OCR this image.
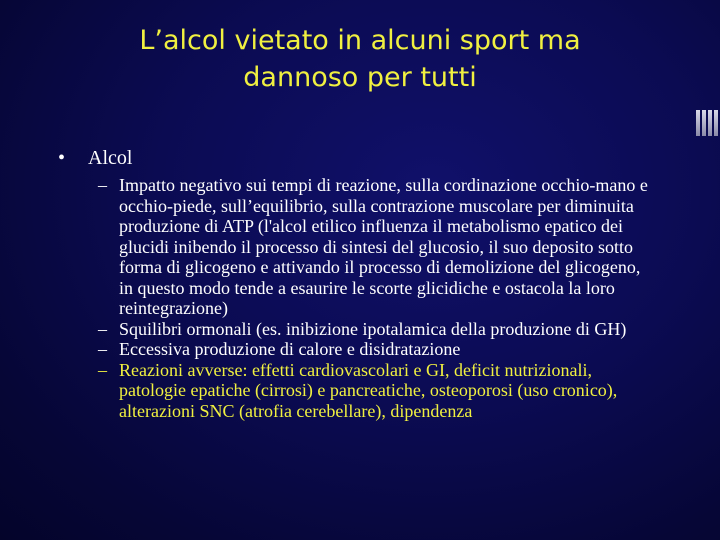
L’alcol vietato in alcuni sport ma
dannoso per tutti
• Alcol
– Impatto negativo sui tempi di reazione, sulla cordinazione occhio-mano e occhio-piede, sull’equilibrio, sulla contrazione muscolare per diminuita produzione di ATP (l'alcol etilico influenza il metabolismo epatico dei glucidi inibendo il processo di sintesi del glucosio, il suo deposito sotto forma di glicogeno e attivando il processo di demolizione del glicogeno, in questo modo tende a esaurire le scorte glicidiche e ostacola la loro reintegrazione)
– Squilibri ormonali (es. inibizione ipotalamica della produzione di GH)
– Eccessiva produzione di calore e disidratazione
– Reazioni avverse: effetti cardiovascolari e GI, deficit nutrizionali, patologie epatiche (cirrosi) e pancreatiche, osteoporosi (uso cronico), alterazioni SNC (atrofia cerebellare), dipendenza
